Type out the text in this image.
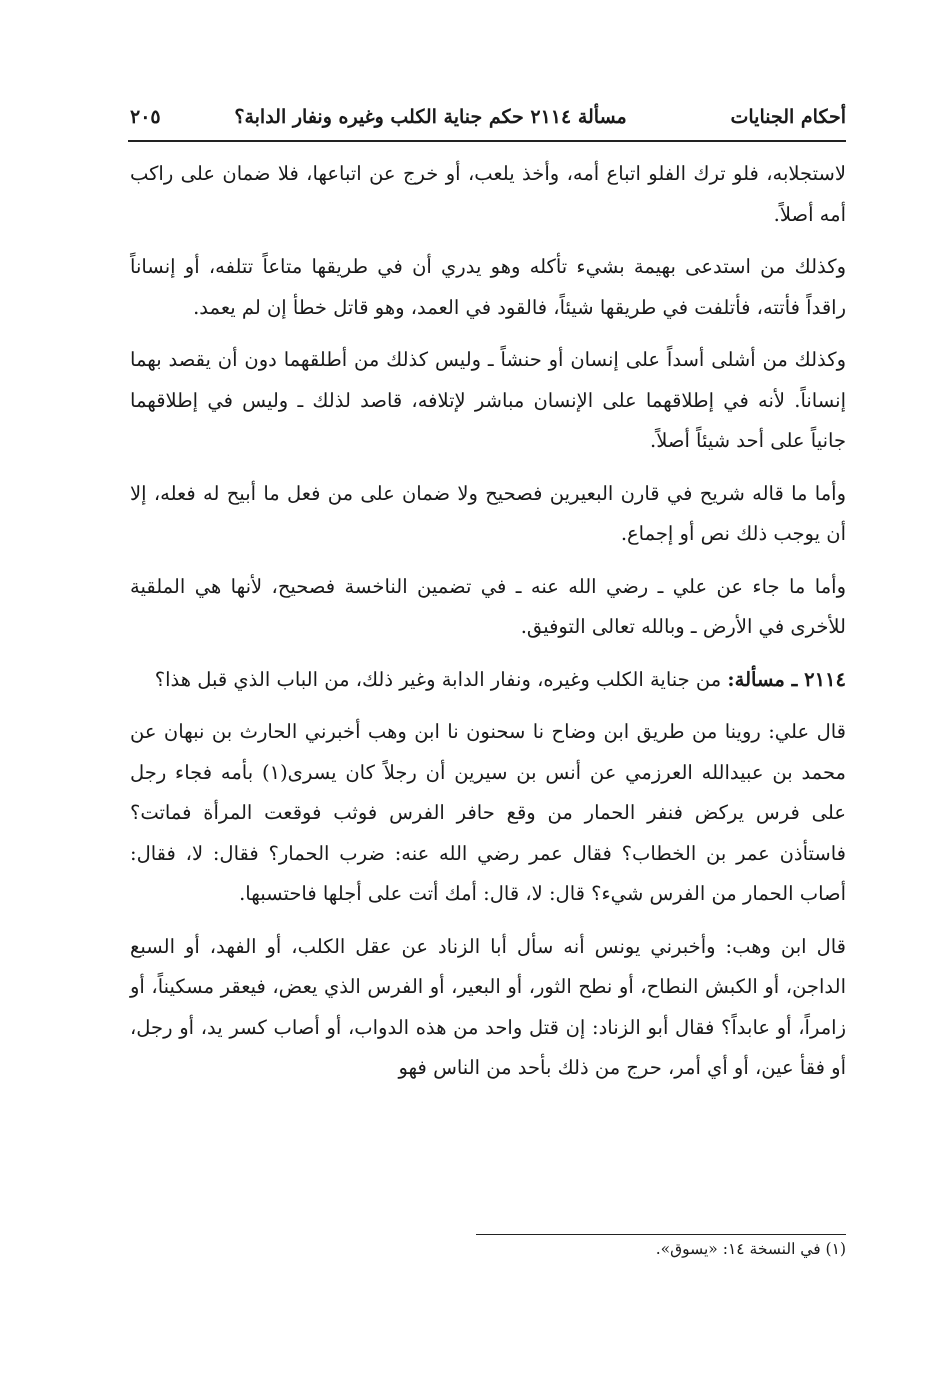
أحكام الجنايات
مسألة ٢١١٤ حكم جناية الكلب وغيره ونفار الدابة؟
٢٠٥

لاستجلابه، فلو ترك الفلو اتباع أمه، وأخذ يلعب، أو خرج عن اتباعها، فلا ضمان على راكب أمه أصلاً.

وكذلك من استدعى بهيمة بشيء تأكله وهو يدري أن في طريقها متاعاً تتلفه، أو إنساناً راقداً فأتته، فأتلفت في طريقها شيئاً، فالقود في العمد، وهو قاتل خطأ إن لم يعمد.

وكذلك من أشلى أسداً على إنسان أو حنشاً ـ وليس كذلك من أطلقهما دون أن يقصد بهما إنساناً. لأنه في إطلاقهما على الإنسان مباشر لإتلافه، قاصد لذلك ـ وليس في إطلاقهما جانياً على أحد شيئاً أصلاً.

وأما ما قاله شريح في قارن البعيرين فصحيح ولا ضمان على من فعل ما أبيح له فعله، إلا أن يوجب ذلك نص أو إجماع.

وأما ما جاء عن علي ـ رضي الله عنه ـ في تضمين الناخسة فصحيح، لأنها هي الملقية للأخرى في الأرض ـ وبالله تعالى التوفيق.

٢١١٤ ـ مسألة: من جناية الكلب وغيره، ونفار الدابة وغير ذلك، من الباب الذي قبل هذا؟

قال علي: روينا من طريق ابن وضاح نا سحنون نا ابن وهب أخبرني الحارث بن نبهان عن محمد بن عبيدالله العرزمي عن أنس بن سيرين أن رجلاً كان يسرى(١) بأمه فجاء رجل على فرس يركض فنفر الحمار من وقع حافر الفرس فوثب فوقعت المرأة فماتت؟ فاستأذن عمر بن الخطاب؟ فقال عمر رضي الله عنه: ضرب الحمار؟ فقال: لا، فقال: أصاب الحمار من الفرس شيء؟ قال: لا، قال: أمك أتت على أجلها فاحتسبها.

قال ابن وهب: وأخبرني يونس أنه سأل أبا الزناد عن عقل الكلب، أو الفهد، أو السبع الداجن، أو الكبش النطاح، أو نطح الثور، أو البعير، أو الفرس الذي يعض، فيعقر مسكيناً، أو زامراً، أو عابداً؟ فقال أبو الزناد: إن قتل واحد من هذه الدواب، أو أصاب كسر يد، أو رجل، أو فقأ عين، أو أي أمر، حرج من ذلك بأحد من الناس فهو

(١) في النسخة ١٤: «يسوق».
